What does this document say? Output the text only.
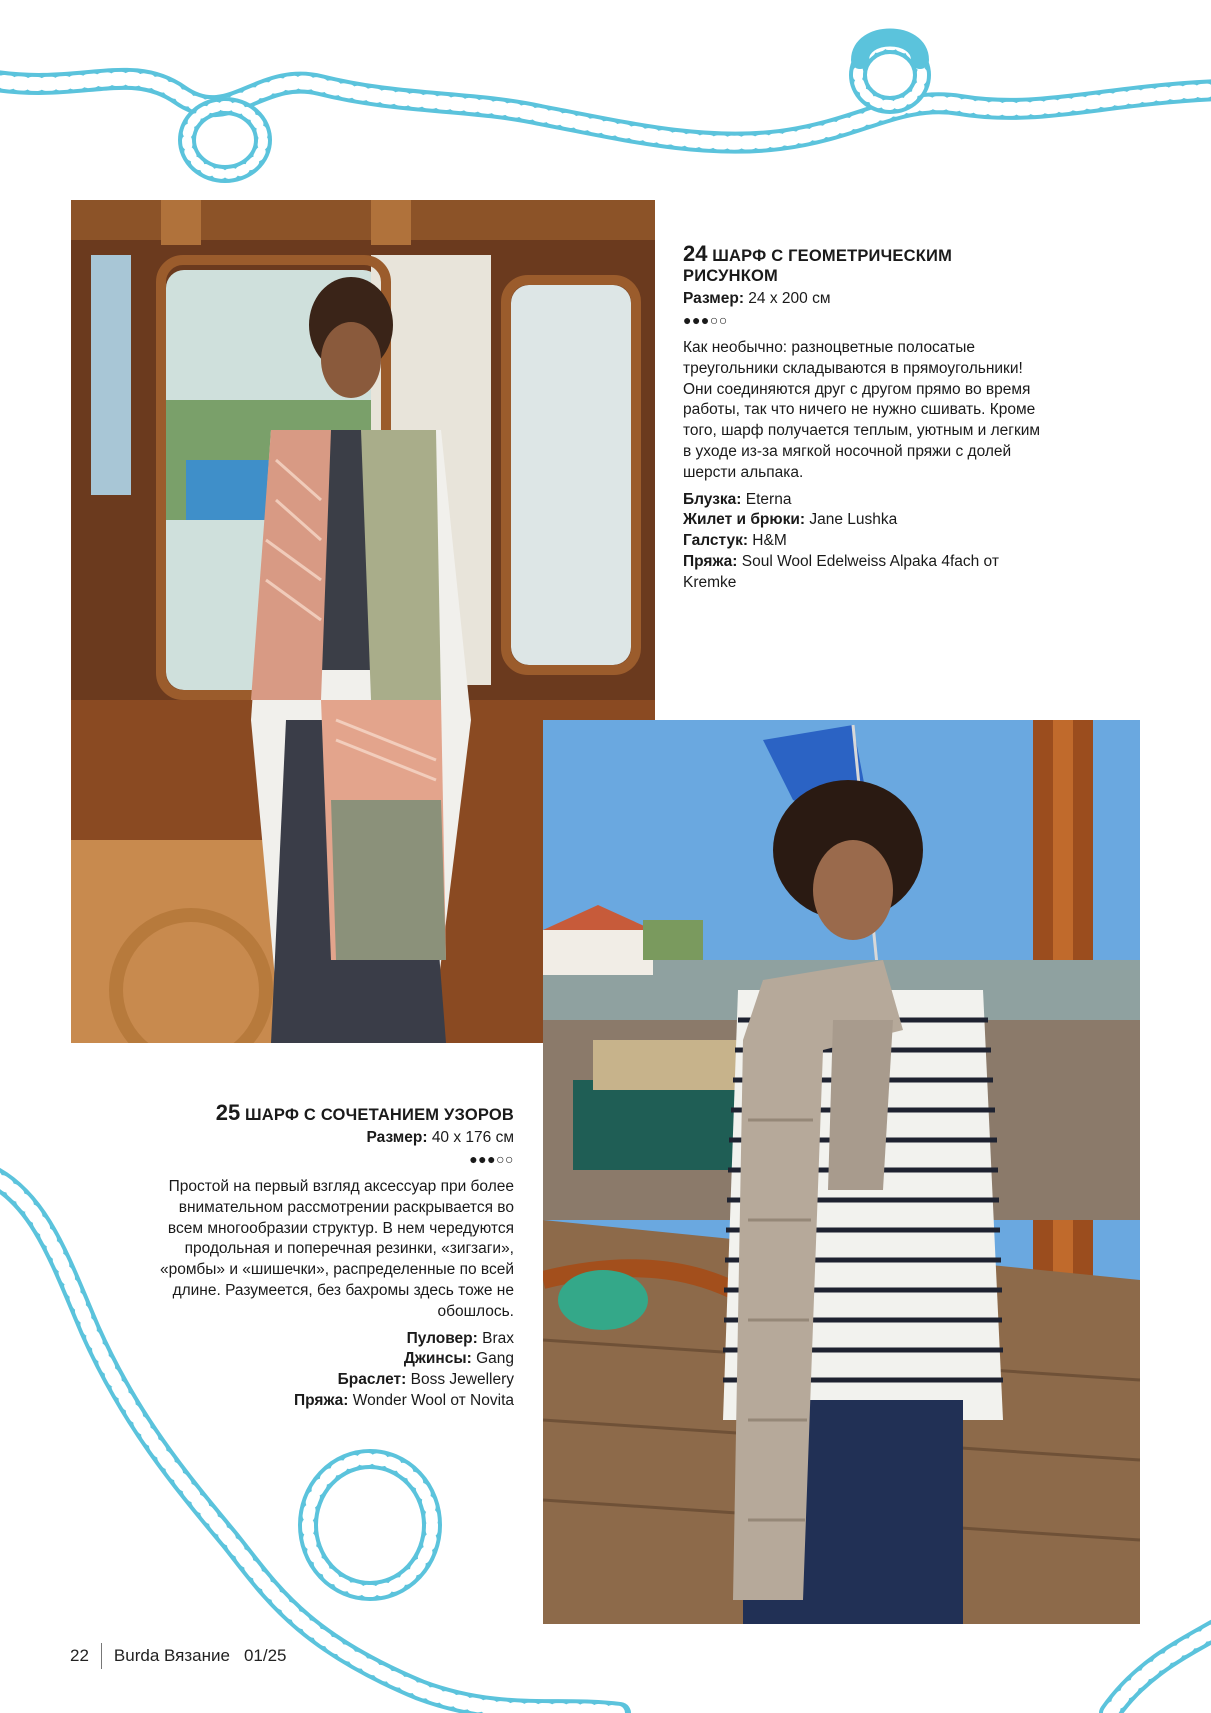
24 ШАРФ С ГЕОМЕТРИЧЕСКИМ
РИСУНКОМ
Размер: 24 x 200 см
●●●○○
Как необычно: разноцветные полосатые треугольники складываются в прямоугольники! Они соединяются друг с другом прямо во время работы, так что ничего не нужно сшивать. Кроме того, шарф получается теплым, уютным и легким в уходе из-за мягкой носочной пряжи с долей шерсти альпака.
Блузка: Eterna
Жилет и брюки: Jane Lushka
Галстук: H&M
Пряжа: Soul Wool Edelweiss Alpaka 4fach от Kremke
25 ШАРФ С СОЧЕТАНИЕМ УЗОРОВ
Размер: 40 x 176 см
●●●○○
Простой на первый взгляд аксессуар при более внимательном рассмотрении раскрывается во всем многообразии структур. В нем чередуются продольная и поперечная резинки, «зигзаги», «ромбы» и «шишечки», распределенные по всей длине. Разумеется, без бахромы здесь тоже не обошлось.
Пуловер: Brax
Джинсы: Gang
Браслет: Boss Jewellery
Пряжа: Wonder Wool от Novita
22 Burda Вязание 01/25
